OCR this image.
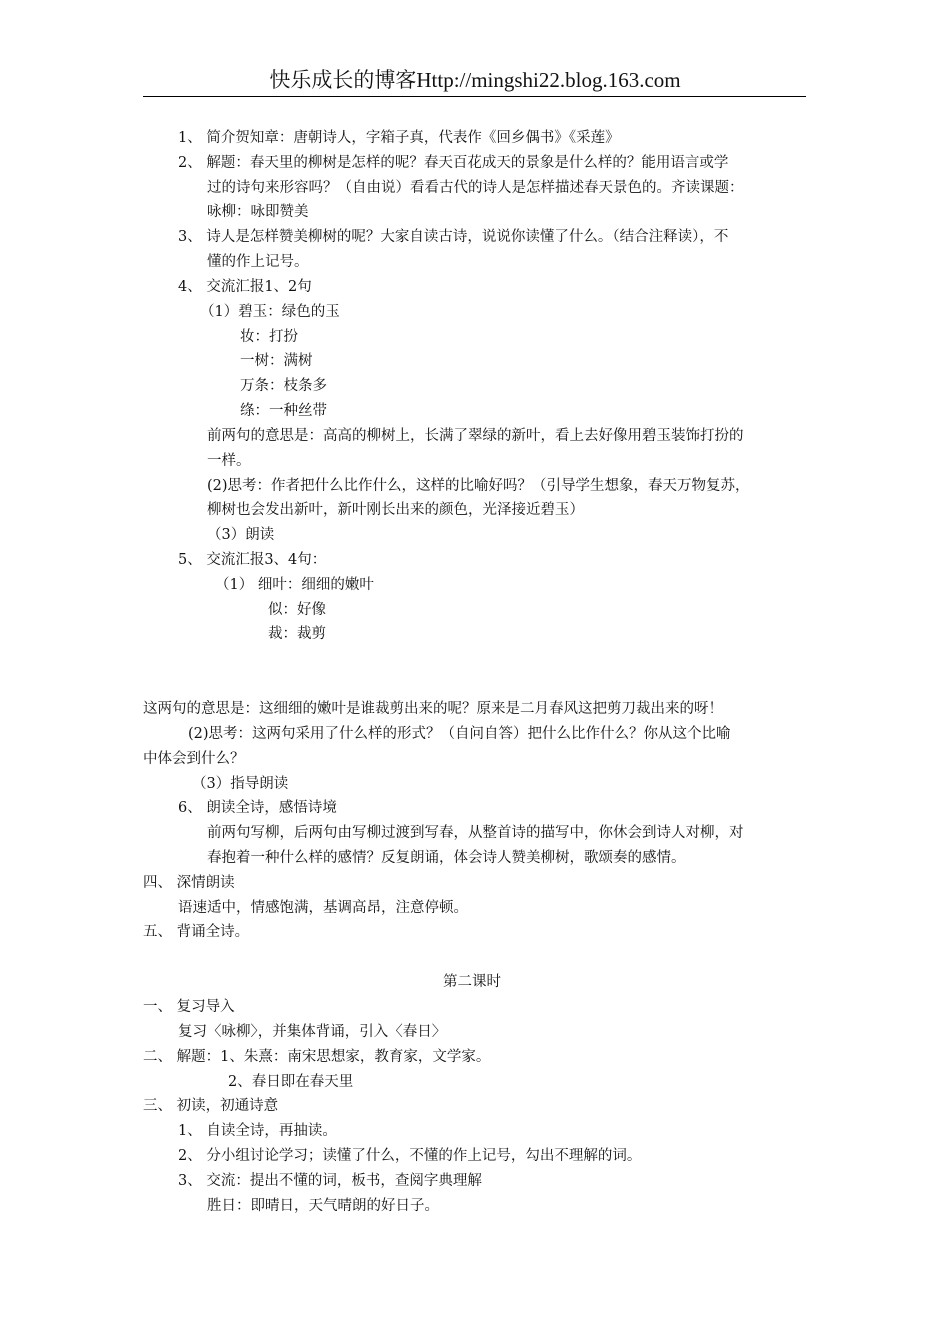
快乐成长的博客Http://mingshi22.blog.163.com
1、 简介贺知章：唐朝诗人，字箱子真，代表作《回乡偶书》《采莲》
2、 解题：春天里的柳树是怎样的呢？春天百花成天的景象是什么样的？能用语言或学
过的诗句来形容吗？（自由说）看看古代的诗人是怎样描述春天景色的。齐读课题：
咏柳：咏即赞美
3、 诗人是怎样赞美柳树的呢？大家自读古诗，说说你读懂了什么。（结合注释读），不
懂的作上记号。
4、 交流汇报1、2句
（1）碧玉：绿色的玉
妆：打扮
一树：满树
万条：枝条多
绦：一种丝带
前两句的意思是：高高的柳树上，长满了翠绿的新叶，看上去好像用碧玉装饰打扮的
一样。
(2)思考：作者把什么比作什么，这样的比喻好吗？（引导学生想象，春天万物复苏，
柳树也会发出新叶，新叶刚长出来的颜色，光泽接近碧玉）
（3）朗读
5、 交流汇报3、4句：
（1） 细叶：细细的嫩叶
似：好像
裁：裁剪
这两句的意思是：这细细的嫩叶是谁裁剪出来的呢？原来是二月春风这把剪刀裁出来的呀！
(2)思考：这两句采用了什么样的形式？（自问自答）把什么比作什么？你从这个比喻
中体会到什么？
（3）指导朗读
6、 朗读全诗，感悟诗境
前两句写柳，后两句由写柳过渡到写春，从整首诗的描写中，你休会到诗人对柳，对
春抱着一种什么样的感情？反复朗诵，体会诗人赞美柳树，歌颂奏的感情。
四、 深情朗读
语速适中，情感饱满，基调高昂，注意停顿。
五、 背诵全诗。
第二课时
一、 复习导入
复习〈咏柳〉，并集体背诵，引入〈春日〉
二、 解题：1、朱熹：南宋思想家，教育家，文学家。
2、春日即在春天里
三、 初读，初通诗意
1、 自读全诗，再抽读。
2、 分小组讨论学习；读懂了什么，不懂的作上记号，勾出不理解的词。
3、 交流：提出不懂的词，板书，查阅字典理解
胜日：即晴日，天气晴朗的好日子。
